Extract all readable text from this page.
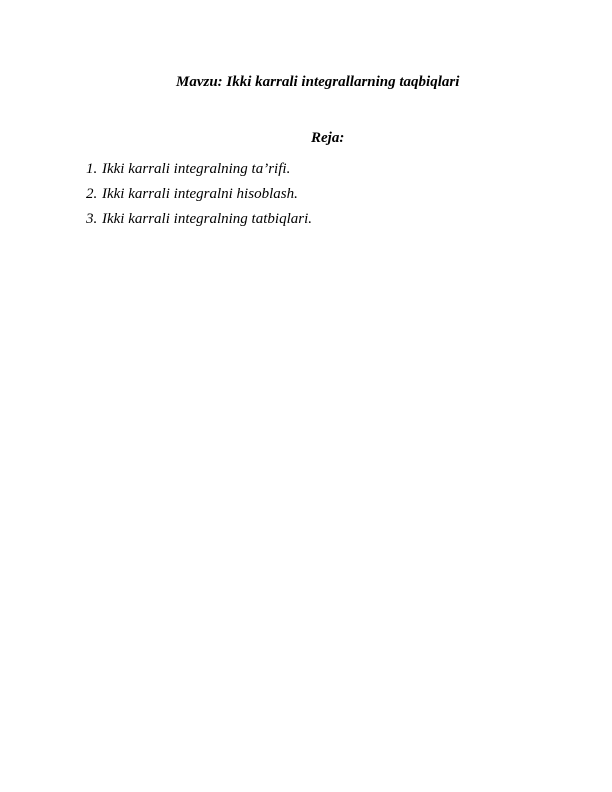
Mavzu: Ikki karrali integrallarning taqbiqlari
Reja:
1. Ikki karrali integralning ta’rifi.
2. Ikki karrali integralni hisoblash.
3. Ikki karrali integralning tatbiqlari.
